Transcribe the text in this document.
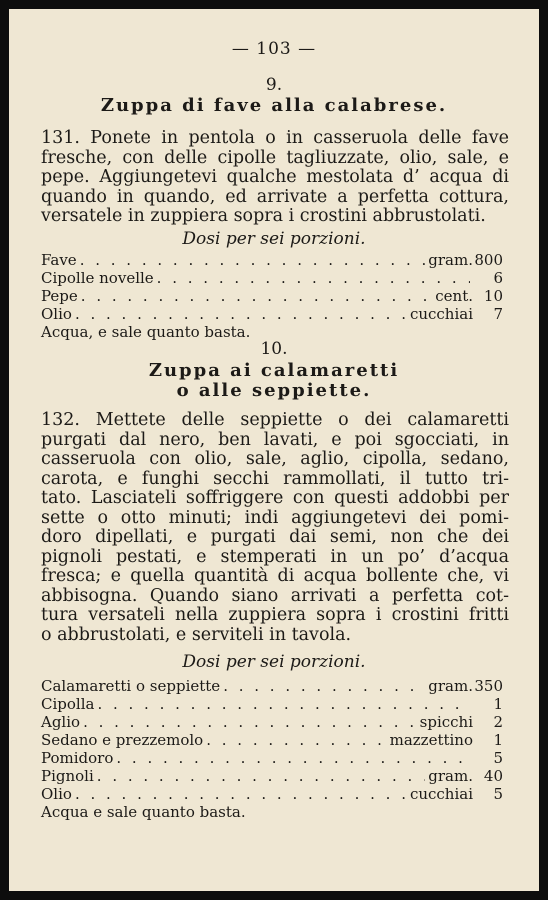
— 103 —
9.
Zuppa di fave alla calabrese.
131. Ponete in pentola o in casseruola delle fave
fresche, con delle cipolle tagliuzzate, olio, sale, e
pepe. Aggiungetevi qualche mestolata d’ acqua di
quando in quando, ed arrivate a perfetta cottura,
versatele in zuppiera sopra i crostini abbrustolati.
Dosi per sei porzioni.
Fave . . .	gram. 800
Cipolle novelle . . .	6
Pepe . . .	cent. 10
Olio . . .	cucchiai	7
Acqua, e sale quanto basta.
10.
Zuppa ai calamaretti
o alle seppiette.
132. Mettete delle seppiette o dei calamaretti
purgati dal nero, ben lavati, e poi sgocciati, in
casseruola con olio, sale, aglio, cipolla, sedano,
carota, e funghi secchi rammollati, il tutto tri-
tato. Lasciateli soffriggere con questi addobbi per
sette o otto minuti; indi aggiungetevi dei pomi-
doro dipellati, e purgati dai semi, non che dei
pignoli pestati, e stemperati in un po’ d’acqua
fresca; e quella quantità di acqua bollente che, vi
abbisogna. Quando siano arrivati a perfetta cot-
tura versateli nella zuppiera sopra i crostini fritti
o abbrustolati, e serviteli in tavola.
Dosi per sei porzioni.
Calamaretti o seppiette . . .	gram. 350
Cipolla . . .	1
Aglio . . .	spicchi	2
Sedano e prezzemolo . . .	mazzettino	1
Pomidoro . . .	5
Pignoli . . .	gram. 40
Olio . . .	cucchiai	5
Acqua e sale quanto basta.
